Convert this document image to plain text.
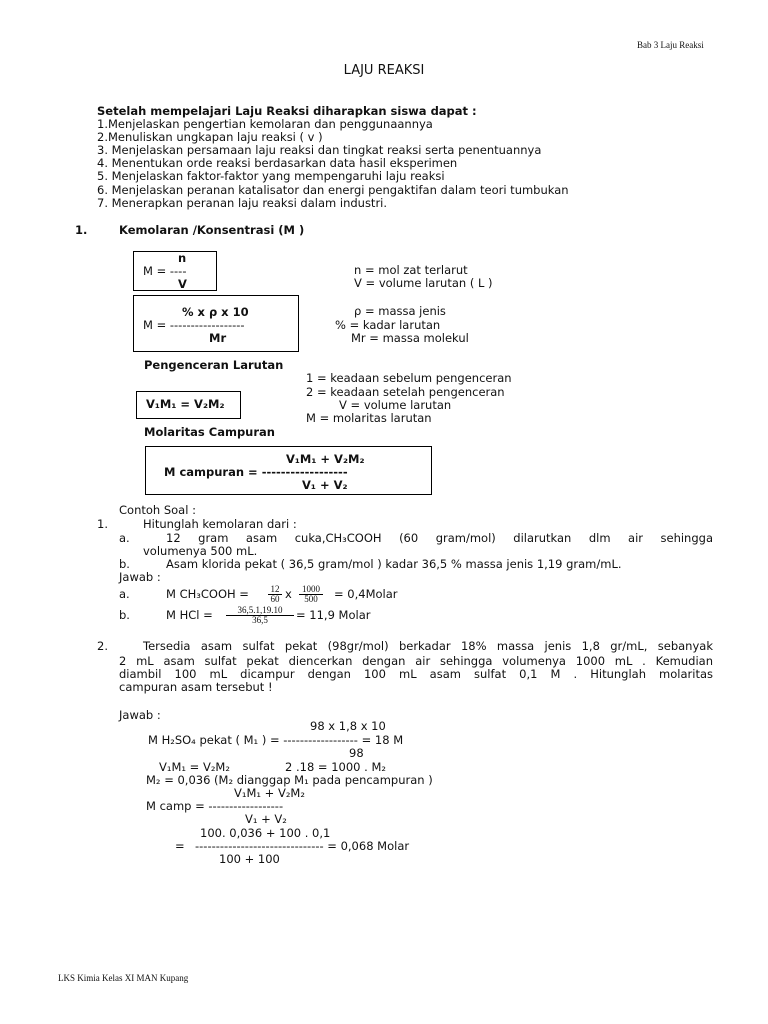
Bab 3 Laju Reaksi
LAJU REAKSI
Setelah mempelajari Laju Reaksi diharapkan siswa dapat :
1.Menjelaskan pengertian kemolaran dan penggunaannya
2.Menuliskan ungkapan laju reaksi ( v )
3. Menjelaskan persamaan laju reaksi dan tingkat reaksi serta penentuannya
4. Menentukan orde reaksi berdasarkan data hasil eksperimen
5. Menjelaskan faktor-faktor yang mempengaruhi laju reaksi
6. Menjelaskan peranan katalisator dan energi pengaktifan dalam teori tumbukan
7. Menerapkan peranan laju reaksi dalam industri.
1.	Kemolaran /Konsentrasi (M )
n
M = ----
V
n = mol zat terlarut
V = volume larutan ( L )
% x ρ x 10
M = ------------------
Mr
ρ = massa jenis
% = kadar larutan
Mr = massa molekul
Pengenceran Larutan
1 = keadaan sebelum pengenceran
2 = keadaan setelah pengenceran
V = volume larutan
M = molaritas larutan
V₁M₁ = V₂M₂
Molaritas Campuran
V₁M₁ + V₂M₂
M campuran = ------------------
V₁ + V₂
Contoh Soal :
1.	Hitunglah kemolaran dari :
a.	12 gram asam cuka,CH₃COOH (60 gram/mol) dilarutkan dlm air sehingga
volumenya 500 mL.
b.	Asam klorida pekat ( 36,5 gram/mol ) kadar 36,5 % massa jenis 1,19 gram/mL.
Jawab :
a.	M CH₃COOH = $\frac{12}{60}$ x $\frac{1000}{500}$ = 0,4Molar
b.	M HCl = $\frac{36,5.1,19.10}{36,5} = 11,9$ Molar
2.	Tersedia asam sulfat pekat (98gr/mol) berkadar 18% massa jenis 1,8 gr/mL, sebanyak
2 mL asam sulfat pekat diencerkan dengan air sehingga volumenya 1000 mL . Kemudian
diambil 100 mL dicampur dengan 100 mL asam sulfat 0,1 M . Hitunglah molaritas
campuran asam tersebut !
Jawab :
98 x 1,8 x 10
M H₂SO₄ pekat ( M₁ ) = ------------------ = 18 M
98
V₁M₁ = V₂M₂	2 .18 = 1000 . M₂
M₂ = 0,036 (M₂ dianggap M₁ pada pencampuran )
V₁M₁ + V₂M₂
M camp = ------------------
V₁ + V₂
100. 0,036 + 100 . 0,1
= ------------------------------- = 0,068 Molar
100 + 100
LKS Kimia Kelas XI MAN Kupang
